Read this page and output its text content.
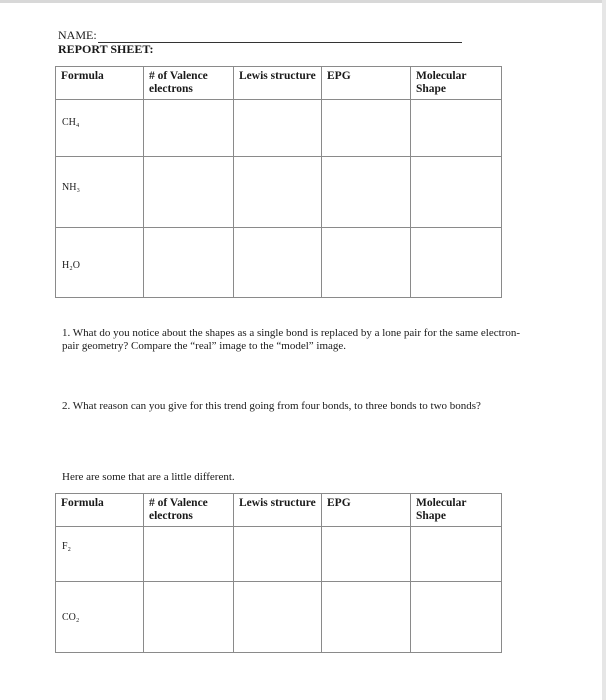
NAME:
REPORT SHEET:
Formula	# of Valence electrons	Lewis structure	EPG	Molecular Shape
CH₄				
NH₃				
H₂O				
1. What do you notice about the shapes as a single bond is replaced by a lone pair for the same electron-pair geometry? Compare the “real” image to the “model” image.
2. What reason can you give for this trend going from four bonds, to three bonds to two bonds?
Here are some that are a little different.
Formula	# of Valence electrons	Lewis structure	EPG	Molecular Shape
F₂				
CO₂				
